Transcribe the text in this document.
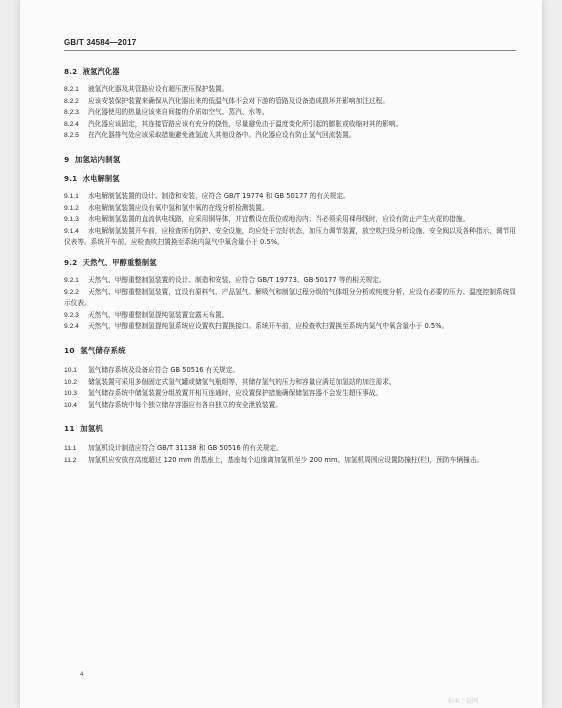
GB/T 34584—2017
8.2  液氢汽化器

8.2.1 液氢汽化器及其管路应设有超压泄压保护装置。

8.2.2 应该安装保护装置来确保从汽化器出来的低温气体不会对下游的管路及设备造成损坏并影响加注过程。

8.2.3 汽化器使用的热量应该来自间接的介质如空气、蒸汽、水等。

8.2.4 汽化器应该固定，其连接管路应该有充分的挠性，尽量避免由于温度变化所引起的膨胀或收缩对其的影响。

8.2.5 在汽化器排气处应该采取措施避免液氢流入其他设备中。汽化器应设有防止氢气回流装置。

9  加氢站内制氢
9.1  水电解制氢

9.1.1 水电解制氢装置的设计、制造和安装，应符合 GB/T 19774 和 GB 50177 的有关规定。

9.1.2 水电解制氢装置应设有氧中氢和氢中氧的在线分析检测装置。

9.1.3 水电解制氢装置的直流供电线路，应采用铜导体，并宜敷设在低位或地沟内；当必须采用裸母线时，应设有防止产生火花的措施。

9.1.4 水电解制氢装置开车前，应检查所有防护、安全设施，均应处于完好状态，加压力调节装置，放空吹扫及分析设施、安全阀以及各种指示、调节用仪表等。系统开车前，应检查吹扫置换至系统内氮气中氧含量小于 0.5%。

9.2  天然气、甲醇重整制氢

9.2.1 天然气、甲醇重整制氢装置的设计、制造和安装，应符合 GB/T 19773、GB 50177 等的相关规定。

9.2.2 天然气、甲醇重整制氢装置，宜设有原料气、产品氢气、解吸气和制氢过程分级的气体组分分析或纯度分析，应设有必要的压力、温度控制系统显示仪表。

9.2.3 天然气、甲醇重整制氢提纯氢装置宜露天布置。

9.2.4 天然气、甲醇重整制氢提纯氢系统应设置吹扫置换接口。系统开车前，应检查吹扫置换至系统内氮气中氧含量小于 0.5%。

10  氢气储存系统

10.1 氢气储存系统及设备应符合 GB 50516 有关规定。

10.2 储氢装置可采用多個固定式氢气罐或储氢气瓶组等，其储存氢气的压力和容量应满足加氢站的加注需求。

10.3 氢气储存系统中储氢装置分组放置并相互连通时，应设置保护措施确保储氢容器不会发生超压事故。

10.4 氢气储存系统中每个独立储存容器应有各自独立的安全泄放装置。

11  加氢机

11.1 加氢机设计制造应符合 GB/T 31138 和 GB 50516 的有关规定。

11.2 加氢机应安放在高度超过 120 mm 的基座上，基座每个边缘离加氢机至少 200 mm。加氢机周围应设置防撞柱(栏)，预防车辆撞击。

4
标准下载网
